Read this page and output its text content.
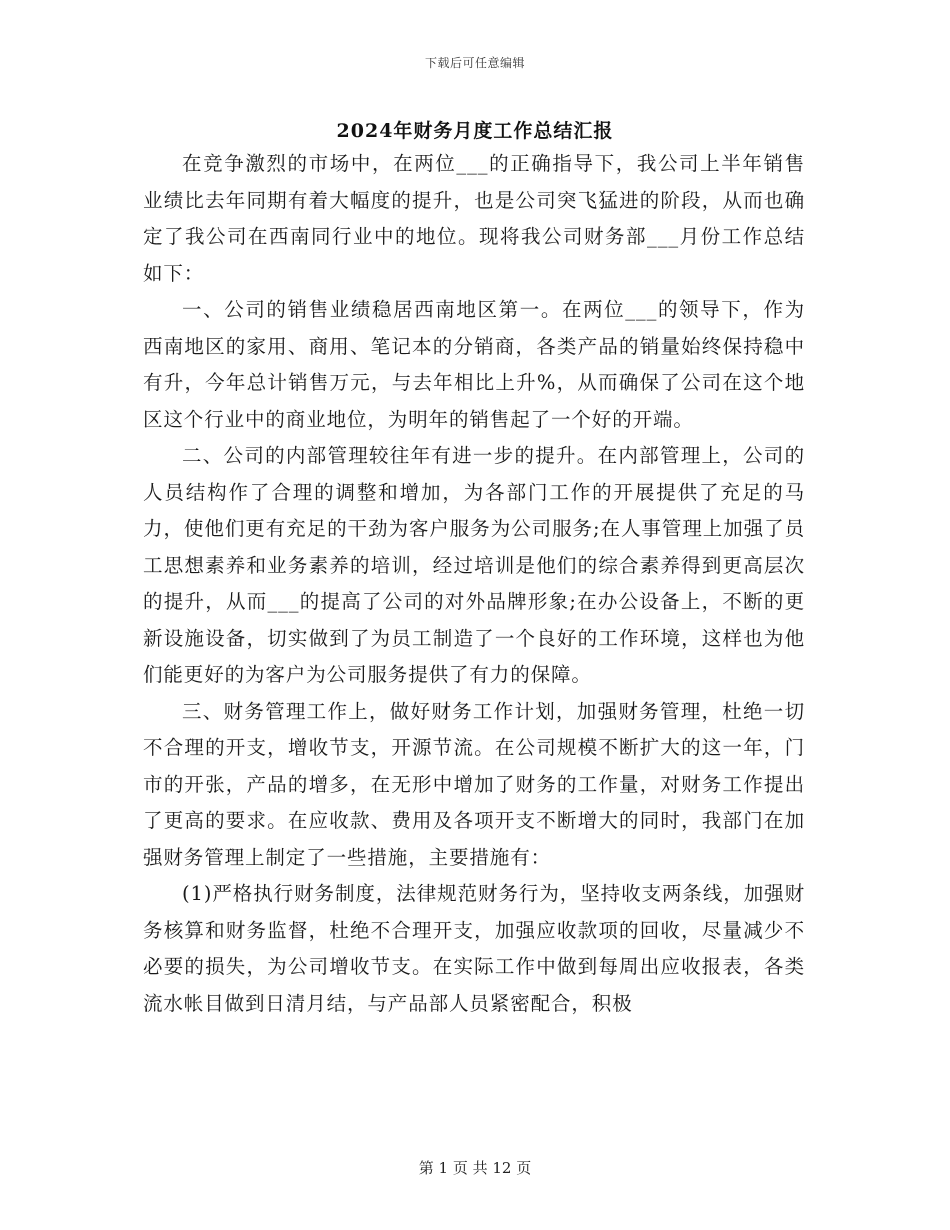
下载后可任意编辑
2024年财务月度工作总结汇报

在竞争激烈的市场中，在两位___的正确指导下，我公司上半年销售业绩比去年同期有着大幅度的提升，也是公司突飞猛进的阶段，从而也确定了我公司在西南同行业中的地位。现将我公司财务部___月份工作总结如下：

一、公司的销售业绩稳居西南地区第一。在两位___的领导下，作为西南地区的家用、商用、笔记本的分销商，各类产品的销量始终保持稳中有升，今年总计销售万元，与去年相比上升%，从而确保了公司在这个地区这个行业中的商业地位，为明年的销售起了一个好的开端。

二、公司的内部管理较往年有进一步的提升。在内部管理上，公司的人员结构作了合理的调整和增加，为各部门工作的开展提供了充足的马力，使他们更有充足的干劲为客户服务为公司服务;在人事管理上加强了员工思想素养和业务素养的培训，经过培训是他们的综合素养得到更高层次的提升，从而___的提高了公司的对外品牌形象;在办公设备上，不断的更新设施设备，切实做到了为员工制造了一个良好的工作环境，这样也为他们能更好的为客户为公司服务提供了有力的保障。

三、财务管理工作上，做好财务工作计划，加强财务管理，杜绝一切不合理的开支，增收节支，开源节流。在公司规模不断扩大的这一年，门市的开张，产品的增多，在无形中增加了财务的工作量，对财务工作提出了更高的要求。在应收款、费用及各项开支不断增大的同时，我部门在加强财务管理上制定了一些措施，主要措施有：

(1)严格执行财务制度，法律规范财务行为，坚持收支两条线，加强财务核算和财务监督，杜绝不合理开支，加强应收款项的回收，尽量减少不必要的损失，为公司增收节支。在实际工作中做到每周出应收报表，各类流水帐目做到日清月结，与产品部人员紧密配合，积极

第 1 页 共 12 页
